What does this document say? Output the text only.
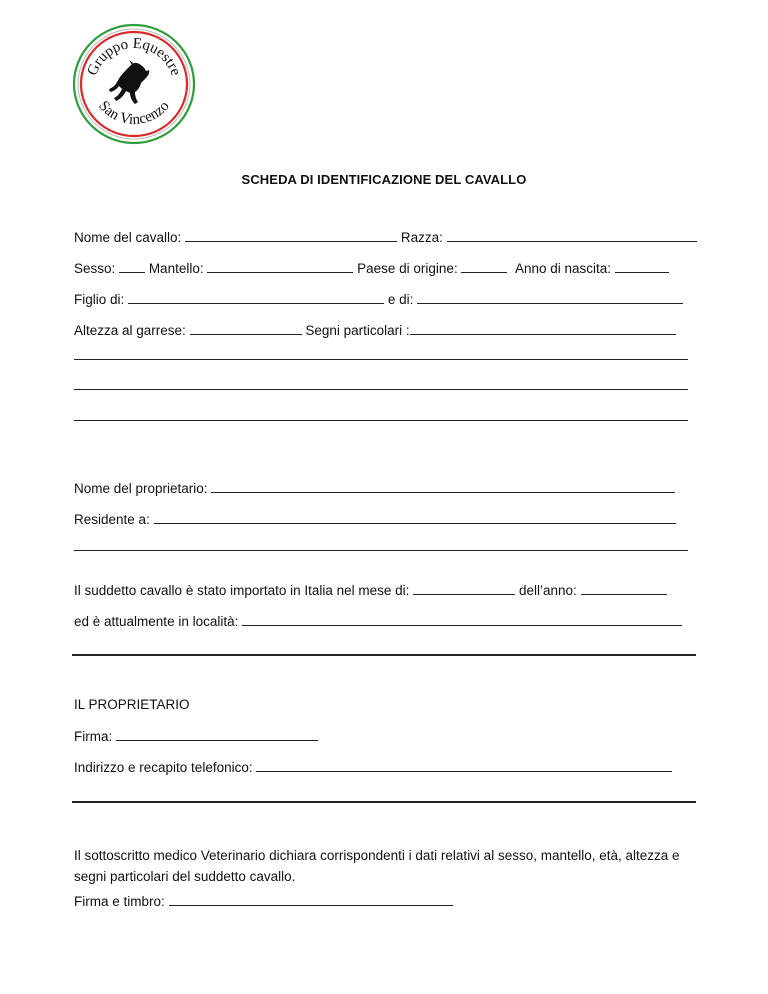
Gruppo Equestre
San Vincenzo
SCHEDA DI IDENTIFICAZIONE DEL CAVALLO
Nome del cavallo:	Razza:
Sesso: Mantello:	Paese di origine:	Anno di nascita:
Figlio di:	e di:
Altezza al garrese:	Segni particolari :
Nome del proprietario:
Residente a:
Il suddetto cavallo è stato importato in Italia nel mese di:	dell’anno:
ed è attualmente in località:
IL PROPRIETARIO
Firma:
Indirizzo e recapito telefonico:
Il sottoscritto medico Veterinario dichiara corrispondenti i dati relativi al sesso, mantello, età, altezza e segni particolari del suddetto cavallo.
Firma e timbro:
